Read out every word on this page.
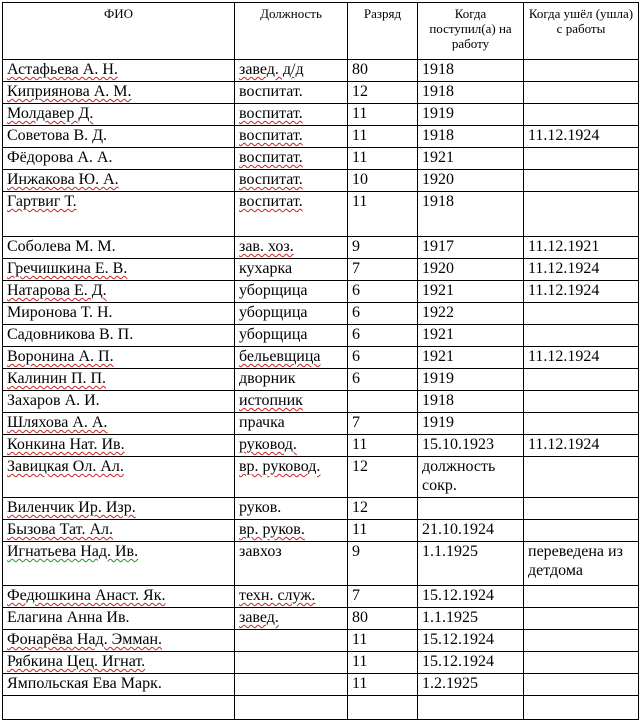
ФИО	Должность	Разряд	Когда поступил(а) на работу	Когда ушёл (ушла) с работы
Астафьева А. Н.	завед. д/д	80	1918	
Киприянова А. М.	воспитат.	12	1918	
Молдавер Д.	воспитат.	11	1919	
Советова В. Д.	воспитат.	11	1918	11.12.1924
Фёдорова А. А.	воспитат.	11	1921	
Инжакова Ю. А.	воспитат.	10	1920	
Гартвиг Т.	воспитат.	11	1918	
Соболева М. М.	зав. хоз.	9	1917	11.12.1921
Гречишкина Е. В.	кухарка	7	1920	11.12.1924
Натарова Е. Д.	уборщица	6	1921	11.12.1924
Миронова Т. Н.	уборщица	6	1922	
Садовникова В. П.	уборщица	6	1921	
Воронина А. П.	бельевщица	6	1921	11.12.1924
Калинин П. П.	дворник	6	1919	
Захаров А. И.	истопник		1918	
Шляхова А. А.	прачка	7	1919	
Конкина Нат. Ив.	руковод.	11	15.10.1923	11.12.1924
Завицкая Ол. Ал.	вр. руковод.	12	должность сокр.	
Виленчик Ир. Изр.	руков.	12		
Бызова Тат. Ал.	вр. руков.	11	21.10.1924	
Игнатьева Над. Ив.	завхоз	9	1.1.1925	переведена из детдома
Федюшкина Анаст. Як.	техн. служ.	7	15.12.1924	
Елагина Анна Ив.	завед.	80	1.1.1925	
Фонарёва Над. Эмман.		11	15.12.1924	
Рябкина Цец. Игнат.		11	15.12.1924	
Ямпольская Ева Марк.		11	1.2.1925	
